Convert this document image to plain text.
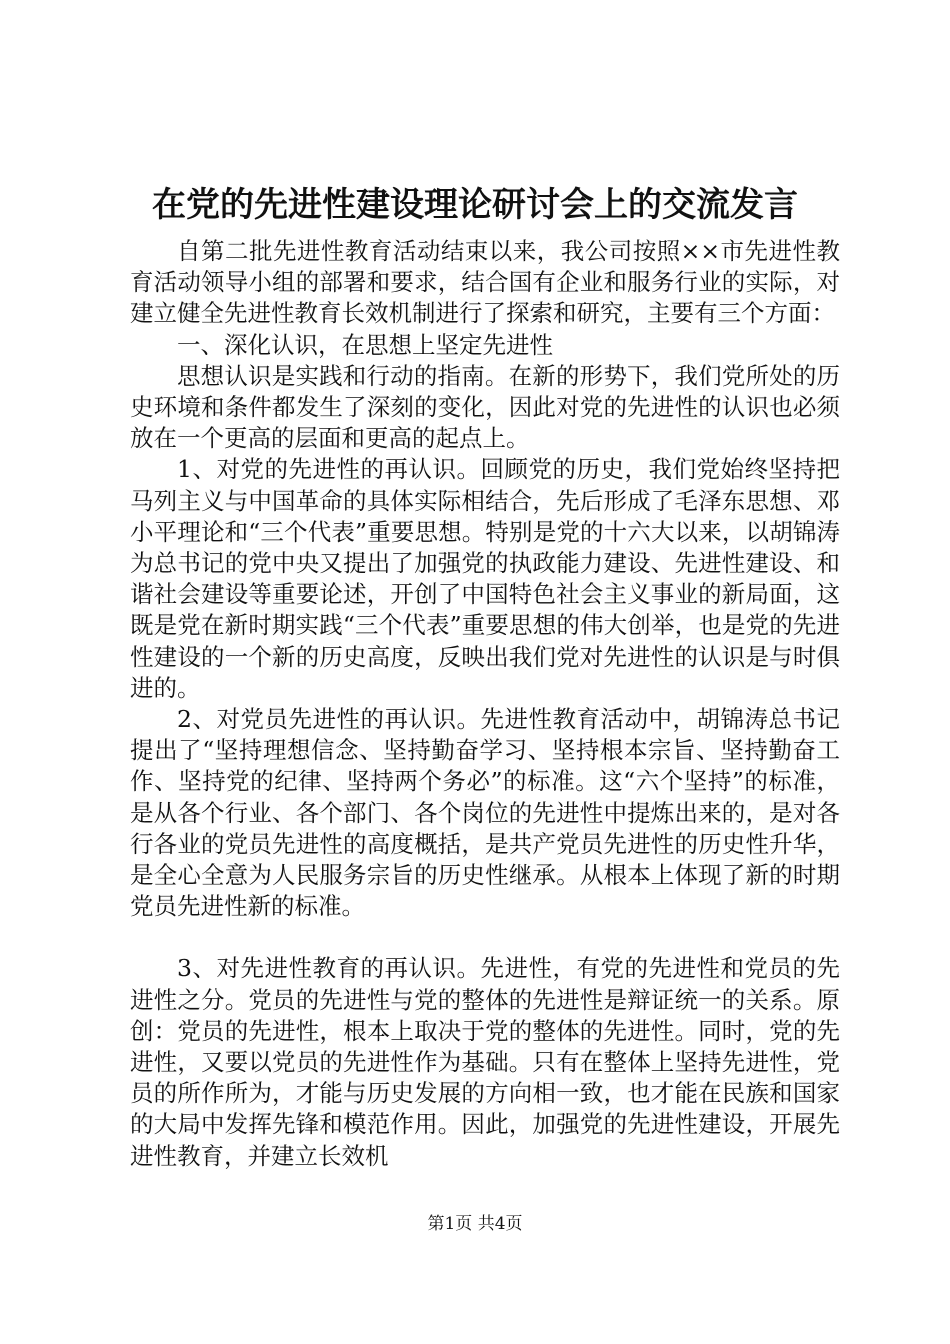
在党的先进性建设理论研讨会上的交流发言

自第二批先进性教育活动结束以来，我公司按照××市先进性教育活动领导小组的部署和要求，结合国有企业和服务行业的实际，对建立健全先进性教育长效机制进行了探索和研究，主要有三个方面：

一、深化认识，在思想上坚定先进性

思想认识是实践和行动的指南。在新的形势下，我们党所处的历史环境和条件都发生了深刻的变化，因此对党的先进性的认识也必须放在一个更高的层面和更高的起点上。

1、对党的先进性的再认识。回顾党的历史，我们党始终坚持把马列主义与中国革命的具体实际相结合，先后形成了毛泽东思想、邓小平理论和“三个代表”重要思想。特别是党的十六大以来，以胡锦涛为总书记的党中央又提出了加强党的执政能力建设、先进性建设、和谐社会建设等重要论述，开创了中国特色社会主义事业的新局面，这既是党在新时期实践“三个代表”重要思想的伟大创举，也是党的先进性建设的一个新的历史高度，反映出我们党对先进性的认识是与时俱进的。

2、对党员先进性的再认识。先进性教育活动中，胡锦涛总书记提出了“坚持理想信念、坚持勤奋学习、坚持根本宗旨、坚持勤奋工作、坚持党的纪律、坚持两个务必”的标准。这“六个坚持”的标准，是从各个行业、各个部门、各个岗位的先进性中提炼出来的，是对各行各业的党员先进性的高度概括，是共产党员先进性的历史性升华，是全心全意为人民服务宗旨的历史性继承。从根本上体现了新的时期党员先进性新的标准。

3、对先进性教育的再认识。先进性，有党的先进性和党员的先进性之分。党员的先进性与党的整体的先进性是辩证统一的关系。原创：党员的先进性，根本上取决于党的整体的先进性。同时，党的先进性，又要以党员的先进性作为基础。只有在整体上坚持先进性，党员的所作所为，才能与历史发展的方向相一致，也才能在民族和国家的大局中发挥先锋和模范作用。因此，加强党的先进性建设，开展先进性教育，并建立长效机

第1页 共4页
